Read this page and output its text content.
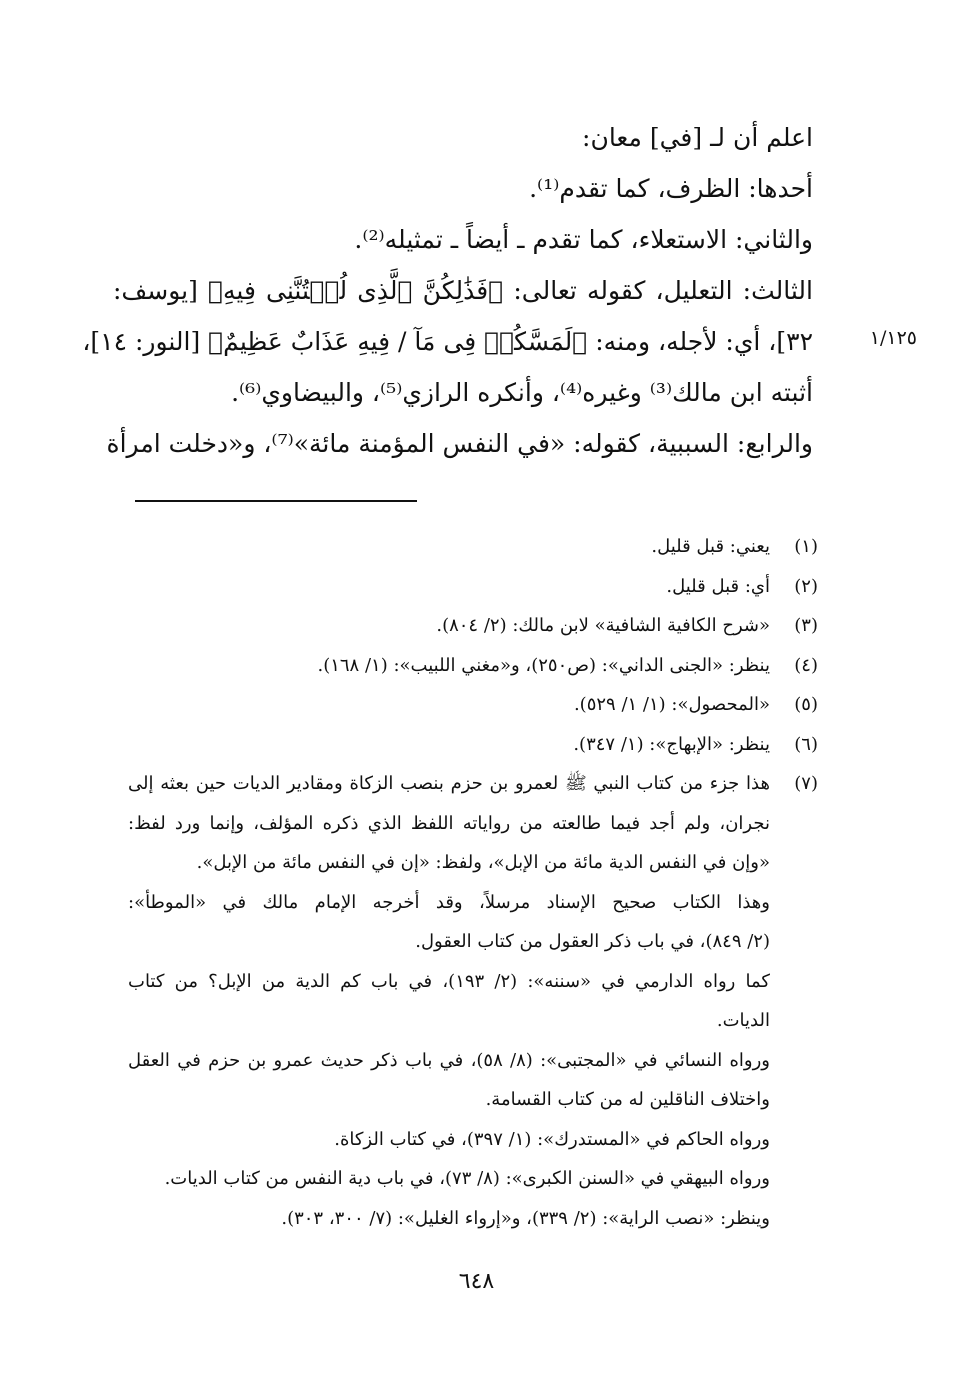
١/١٢٥
اعلم أن لـ [في] معان:
أحدها: الظرف، كما تقدم⁽¹⁾.
والثاني: الاستعلاء، كما تقدم ـ أيضاً ـ تمثيله⁽²⁾.
الثالث: التعليل، كقوله تعالى: ﴿فَذَٰلِكُنَّ ٱلَّذِى لُمۡتُنَّنِى فِيهِ﴾ [يوسف:
٣٢]، أي: لأجله، ومنه: ﴿لَمَسَّكُمۡ فِى مَآ / فِيهِ عَذَابٌ عَظِيمٌ﴾ [النور: ١٤]،
أثبته ابن مالك⁽³⁾ وغيره⁽⁴⁾، وأنكره الرازي⁽⁵⁾، والبيضاوي⁽⁶⁾.
والرابع: السببية، كقوله: «في النفس المؤمنة مائة»⁽⁷⁾، و«دخلت امرأة
(١)
يعني: قبل قليل.
(٢)
أي: قبل قليل.
(٣)
«شرح الكافية الشافية» لابن مالك: (٢/ ٨٠٤).
(٤)
ينظر: «الجنى الداني»: (ص٢٥٠)، و«مغني اللبيب»: (١/ ١٦٨).
(٥)
«المحصول»: (١/ ١/ ٥٢٩).
(٦)
ينظر: «الإبهاج»: (١/ ٣٤٧).
(٧)
هذا جزء من كتاب النبي ﷺ لعمرو بن حزم بنصب الزكاة ومقادير الديات حين بعثه إلى
نجران، ولم أجد فيما طالعته من رواياته اللفظ الذي ذكره المؤلف، وإنما ورد لفظ:
«وإن في النفس الدية مائة من الإبل»، ولفظ: «إن في النفس مائة من الإبل».
وهذا الكتاب صحيح الإسناد مرسلاً، وقد أخرجه الإمام مالك في «الموطأ»:
(٢/ ٨٤٩)، في باب ذكر العقول من كتاب العقول.
كما رواه الدارمي في «سننه»: (٢/ ١٩٣)، في باب كم الدية من الإبل؟ من كتاب
الديات.
ورواه النسائي في «المجتبى»: (٨/ ٥٨)، في باب ذكر حديث عمرو بن حزم في العقل
واختلاف الناقلين له من كتاب القسامة.
ورواه الحاكم في «المستدرك»: (١/ ٣٩٧)، في كتاب الزكاة.
ورواه البيهقي في «السنن الكبرى»: (٨/ ٧٣)، في باب دية النفس من كتاب الديات.
وينظر: «نصب الراية»: (٢/ ٣٣٩)، و«إرواء الغليل»: (٧/ ٣٠٠، ٣٠٣).
٦٤٨
